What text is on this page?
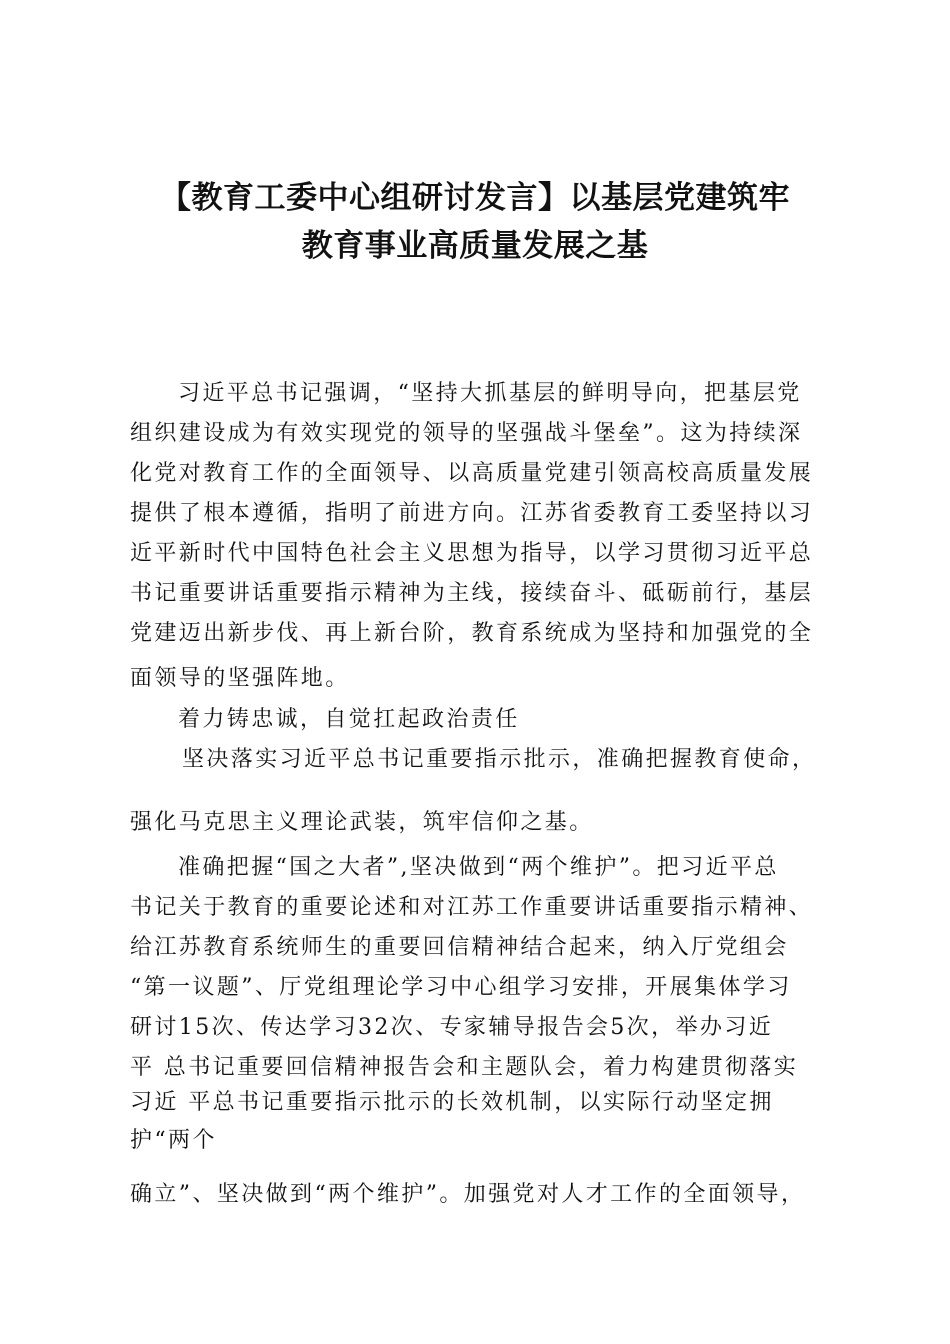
【教育工委中心组研讨发言】以基层党建筑牢
教育事业高质量发展之基

习近平总书记强调，“坚持大抓基层的鲜明导向，把基层党

组织建设成为有效实现党的领导的坚强战斗堡垒”。这为持续深

化党对教育工作的全面领导、以高质量党建引领高校高质量发展

提供了根本遵循，指明了前进方向。江苏省委教育工委坚持以习

近平新时代中国特色社会主义思想为指导，以学习贯彻习近平总

书记重要讲话重要指示精神为主线，接续奋斗、砥砺前行，基层

党建迈出新步伐、再上新台阶，教育系统成为坚持和加强党的全

面领导的坚强阵地。

着力铸忠诚，自觉扛起政治责任

坚决落实习近平总书记重要指示批示，准确把握教育使命，

强化马克思主义理论武装，筑牢信仰之基。

准确把握“国之大者”,坚决做到“两个维护”。把习近平总

书记关于教育的重要论述和对江苏工作重要讲话重要指示精神、

给江苏教育系统师生的重要回信精神结合起来，纳入厅党组会

“第一议题”、厅党组理论学习中心组学习安排，开展集体学习

研讨15次、传达学习32次、专家辅导报告会5次，举办习近

平 总书记重要回信精神报告会和主题队会，着力构建贯彻落实

习近 平总书记重要指示批示的长效机制，以实际行动坚定拥

护“两个

确立”、坚决做到“两个维护”。加强党对人才工作的全面领导，
